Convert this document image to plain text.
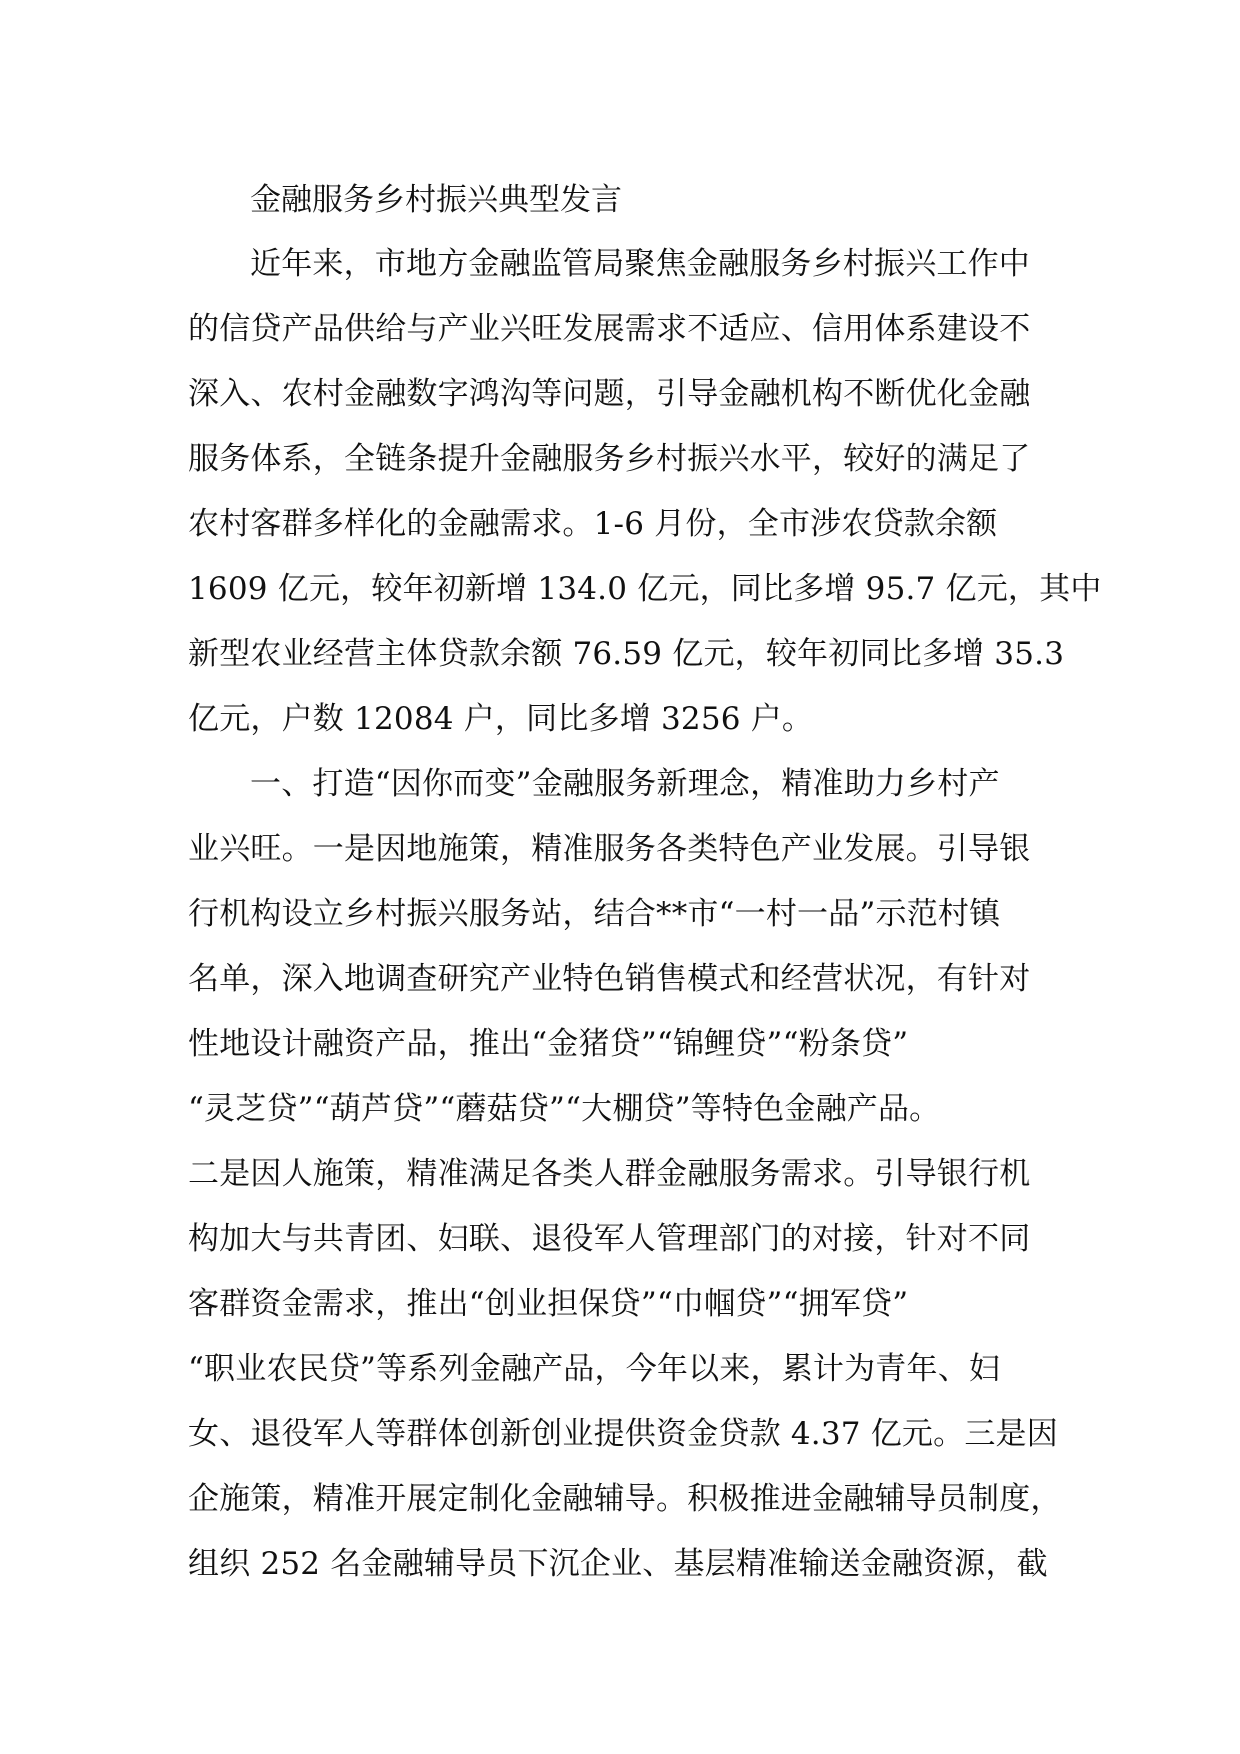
金融服务乡村振兴典型发言
近年来，市地方金融监管局聚焦金融服务乡村振兴工作中
的信贷产品供给与产业兴旺发展需求不适应、信用体系建设不
深入、农村金融数字鸿沟等问题，引导金融机构不断优化金融
服务体系，全链条提升金融服务乡村振兴水平，较好的满足了
农村客群多样化的金融需求。1-6 月份，全市涉农贷款余额
1609 亿元，较年初新增 134.0 亿元，同比多增 95.7 亿元，其中
新型农业经营主体贷款余额 76.59 亿元，较年初同比多增 35.3
亿元，户数 12084 户，同比多增 3256 户。
一、打造“因你而变”金融服务新理念，精准助力乡村产
业兴旺。一是因地施策，精准服务各类特色产业发展。引导银
行机构设立乡村振兴服务站，结合**市“一村一品”示范村镇
名单，深入地调查研究产业特色销售模式和经营状况，有针对
性地设计融资产品，推出“金猪贷”“锦鲤贷”“粉条贷”
“灵芝贷”“葫芦贷”“蘑菇贷”“大棚贷”等特色金融产品。
二是因人施策，精准满足各类人群金融服务需求。引导银行机
构加大与共青团、妇联、退役军人管理部门的对接，针对不同
客群资金需求，推出“创业担保贷”“巾帼贷”“拥军贷”
“职业农民贷”等系列金融产品，今年以来，累计为青年、妇
女、退役军人等群体创新创业提供资金贷款 4.37 亿元。三是因
企施策，精准开展定制化金融辅导。积极推进金融辅导员制度，
组织 252 名金融辅导员下沉企业、基层精准输送金融资源，截
